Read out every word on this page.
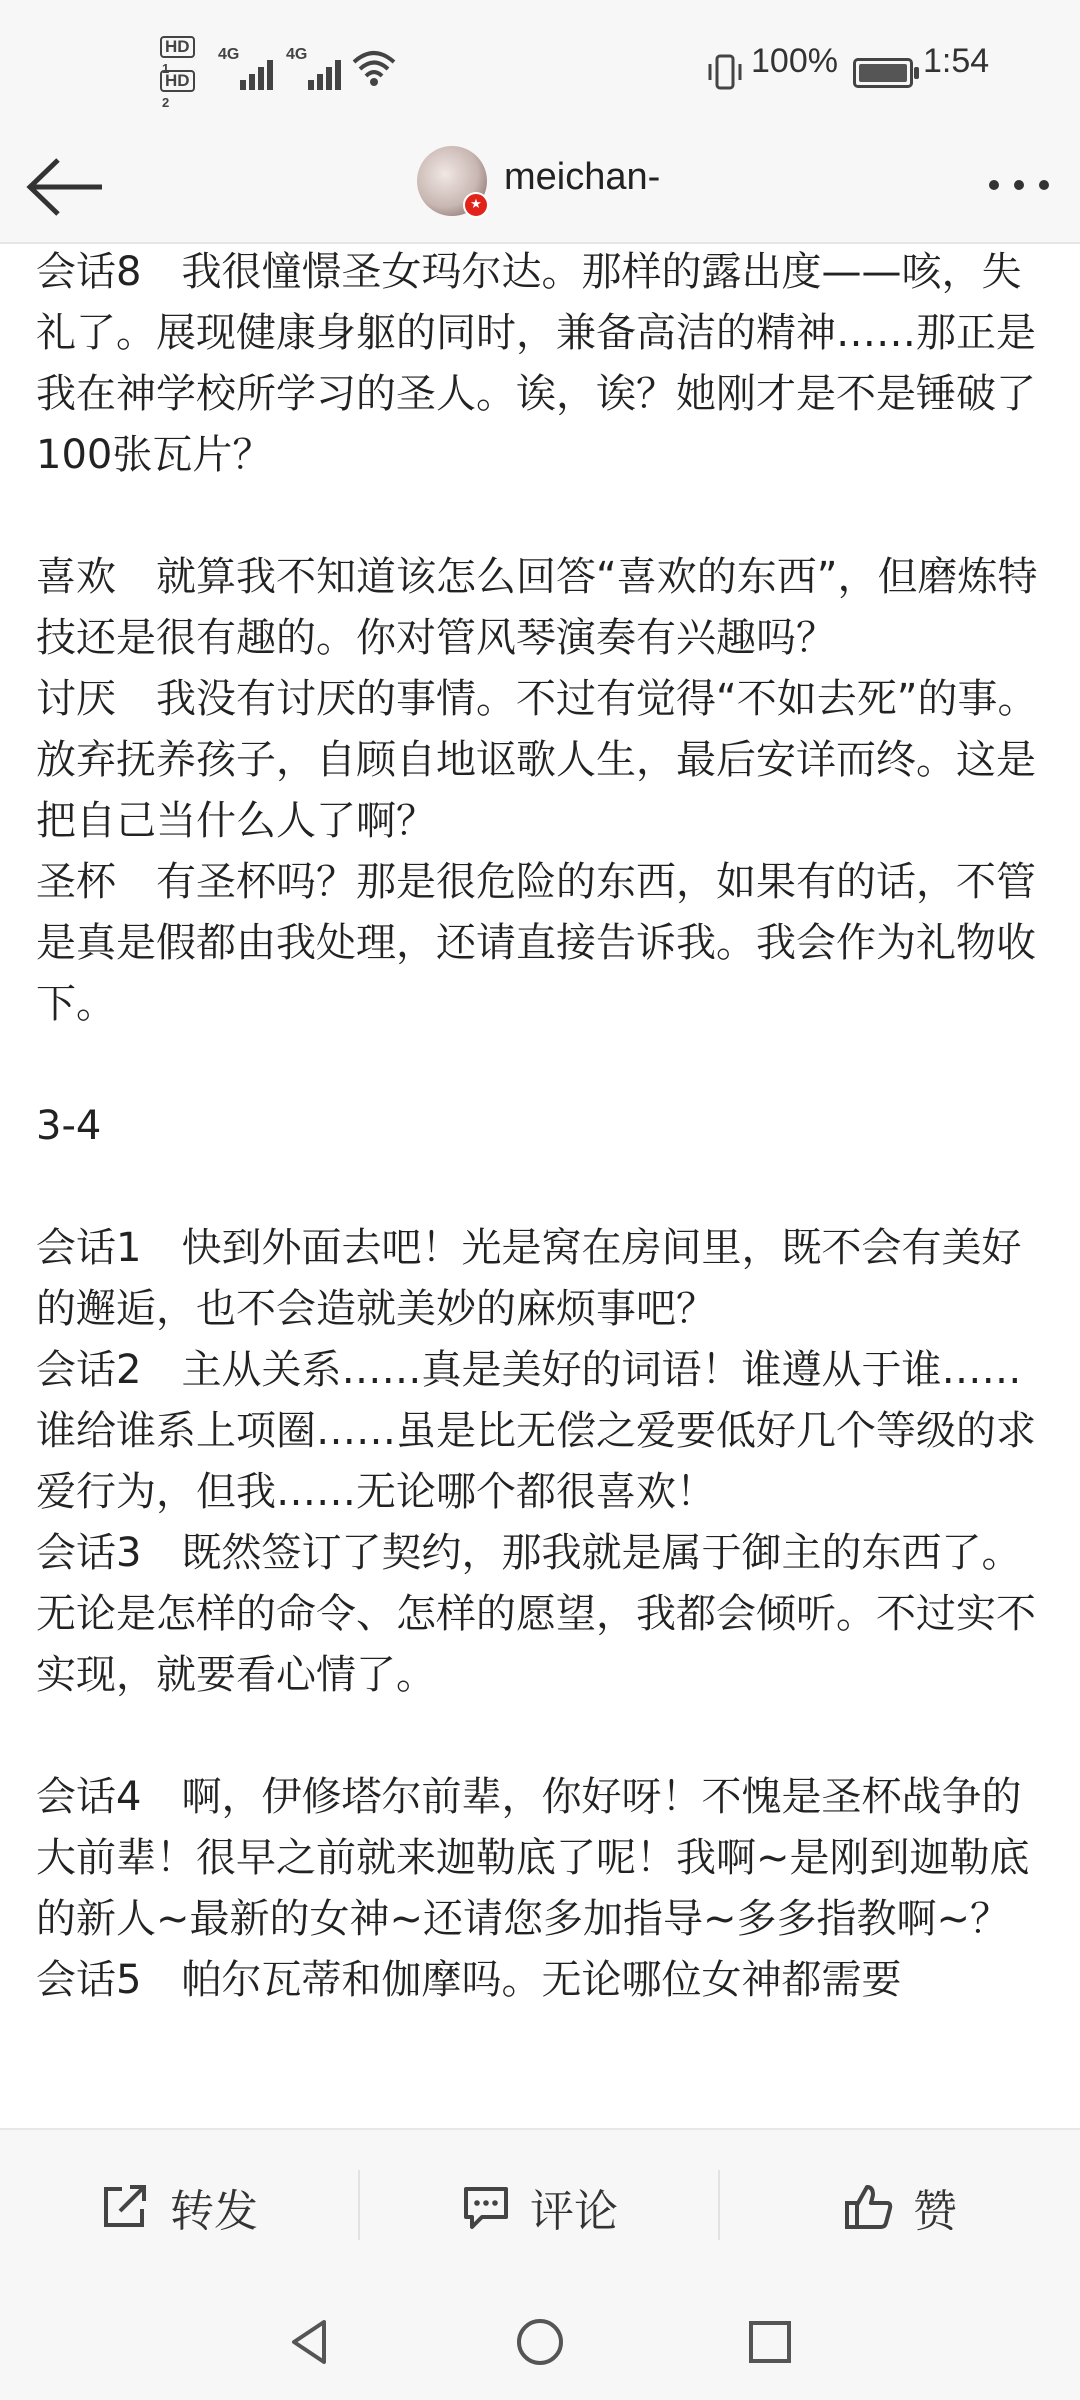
HD1
HD2
4G	4G	100%	1:54
★
meichan-

会话8　我很憧憬圣女玛尔达。那样的露出度——咳，失礼了。展现健康身躯的同时，兼备高洁的精神……那正是我在神学校所学习的圣人。诶，诶？她刚才是不是锤破了100张瓦片？

喜欢　就算我不知道该怎么回答“喜欢的东西”，但磨炼特技还是很有趣的。你对管风琴演奏有兴趣吗？

讨厌　我没有讨厌的事情。不过有觉得“不如去死”的事。放弃抚养孩子，自顾自地讴歌人生，最后安详而终。这是把自己当什么人了啊？

圣杯　有圣杯吗？那是很危险的东西，如果有的话，不管是真是假都由我处理，还请直接告诉我。我会作为礼物收下。

3-4

会话1　快到外面去吧！光是窝在房间里，既不会有美好的邂逅，也不会造就美妙的麻烦事吧？

会话2　主从关系……真是美好的词语！谁遵从于谁……谁给谁系上项圈……虽是比无偿之爱要低好几个等级的求爱行为，但我……无论哪个都很喜欢！

会话3　既然签订了契约，那我就是属于御主的东西了。无论是怎样的命令、怎样的愿望，我都会倾听。不过实不实现，就要看心情了。

会话4　啊，伊修塔尔前辈，你好呀！不愧是圣杯战争的大前辈！很早之前就来迦勒底了呢！我啊~是刚到迦勒底的新人~最新的女神~还请您多加指导~多多指教啊~？

会话5　帕尔瓦蒂和伽摩吗。无论哪位女神都需要

转发	评论	赞
